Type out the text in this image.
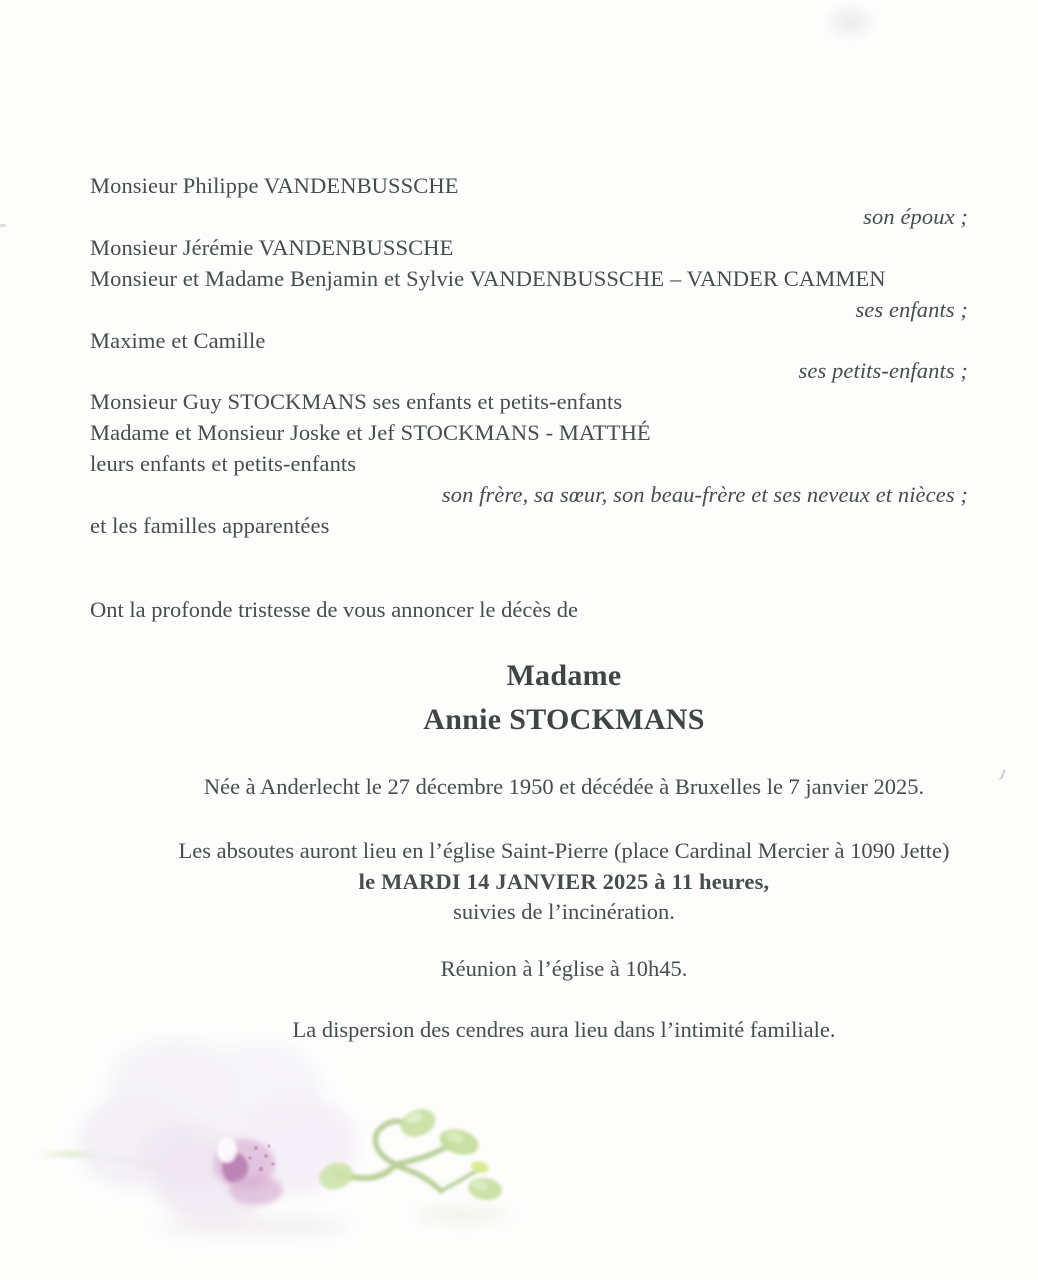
Monsieur Philippe VANDENBUSSCHE
son époux ;
Monsieur Jérémie VANDENBUSSCHE
Monsieur et Madame Benjamin et Sylvie VANDENBUSSCHE – VANDER CAMMEN
ses enfants ;
Maxime et Camille
ses petits-enfants ;
Monsieur Guy STOCKMANS ses enfants et petits-enfants
Madame et Monsieur Joske et Jef STOCKMANS - MATTHÉ
leurs enfants et petits-enfants
son frère, sa sœur, son beau-frère et ses neveux et nièces ;
et les familles apparentées
Ont la profonde tristesse de vous annoncer le décès de
Madame
Annie STOCKMANS
Née à Anderlecht le 27 décembre 1950 et décédée à Bruxelles le 7 janvier 2025.
Les absoutes auront lieu en l’église Saint-Pierre (place Cardinal Mercier à 1090 Jette)
le MARDI 14 JANVIER 2025 à 11 heures,
suivies de l’incinération.
Réunion à l’église à 10h45.
La dispersion des cendres aura lieu dans l’intimité familiale.
